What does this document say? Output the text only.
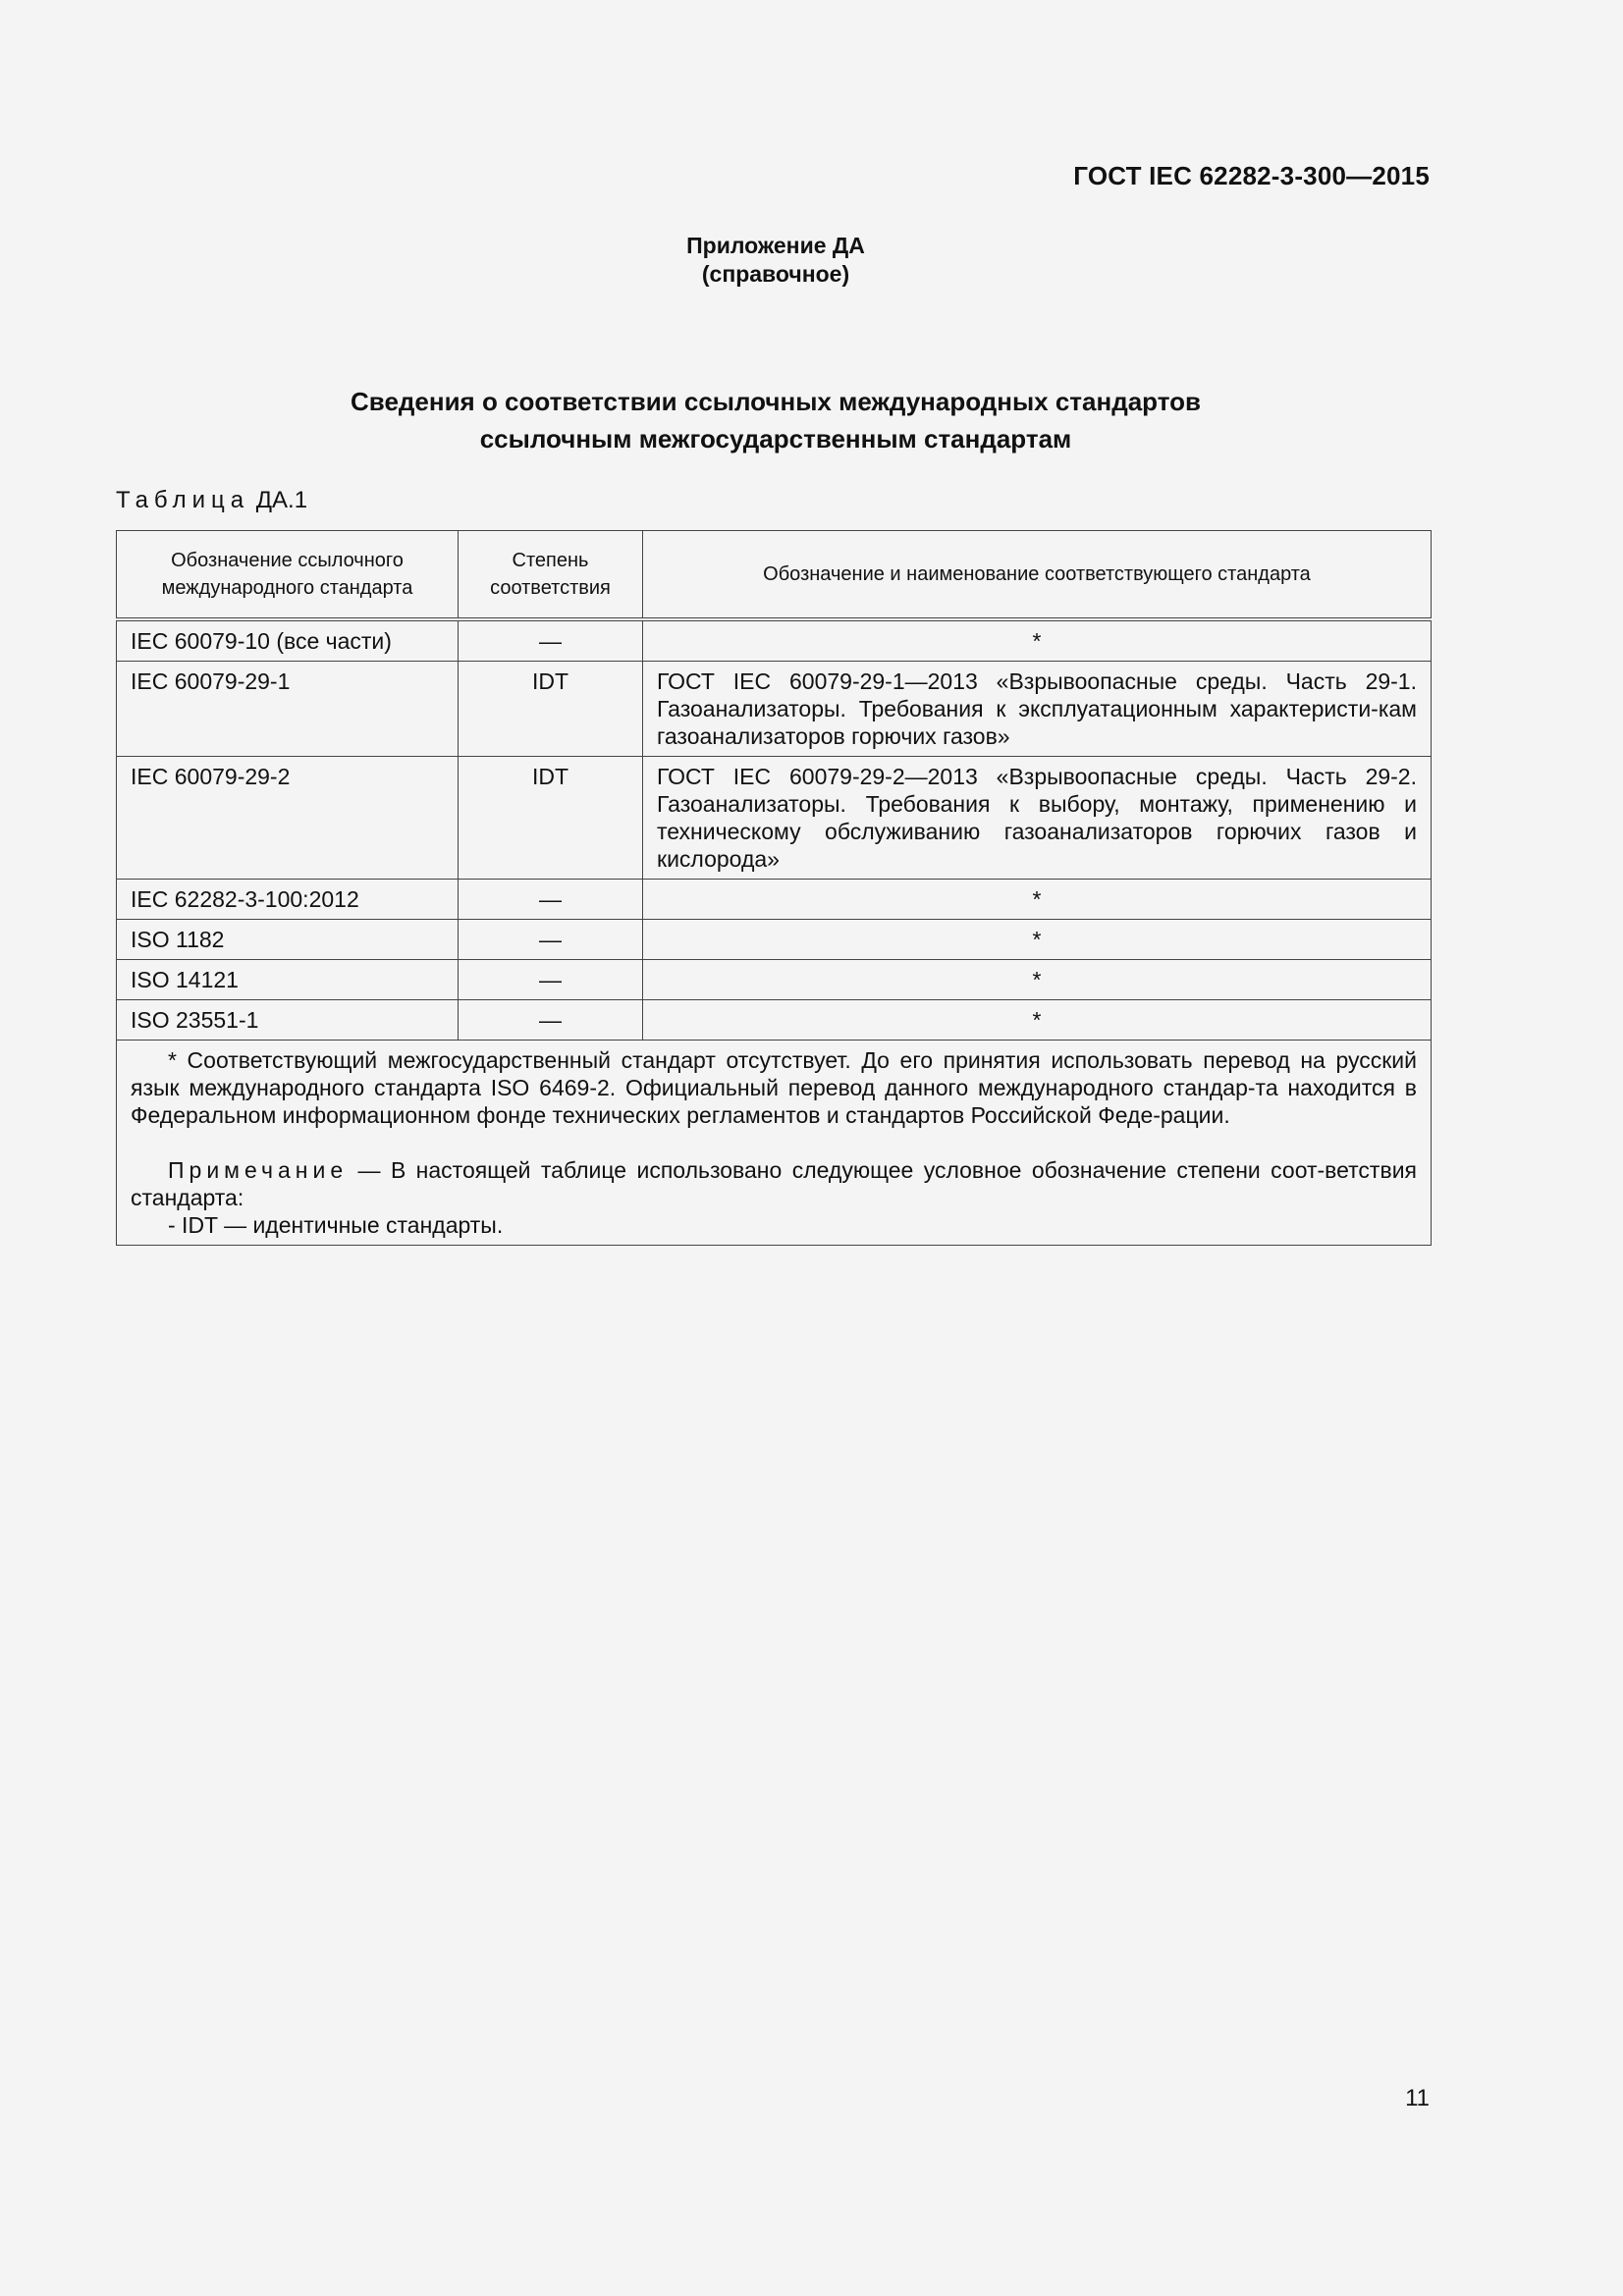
ГОСТ IEC 62282-3-300—2015
Приложение ДА
(справочное)
Сведения о соответствии ссылочных международных стандартов
ссылочным межгосударственным стандартам
Таблица ДА.1
Обозначение ссылочного международного стандарта	Степень соответствия	Обозначение и наименование соответствующего стандарта
IEC 60079-10 (все части)	—	*
IEC 60079-29-1	IDT	ГОСТ IEC 60079-29-1—2013 «Взрывоопасные среды. Часть 29-1. Газоанализаторы. Требования к эксплуатационным характеристи-кам газоанализаторов горючих газов»
IEC 60079-29-2	IDT	ГОСТ IEC 60079-29-2—2013 «Взрывоопасные среды. Часть 29-2. Газоанализаторы. Требования к выбору, монтажу, применению и техническому обслуживанию газоанализаторов горючих газов и кислорода»
IEC 62282-3-100:2012	—	*
ISO 1182	—	*
ISO 14121	—	*
ISO 23551-1	—	*

* Соответствующий межгосударственный стандарт отсутствует. До его принятия использовать перевод на русский язык международного стандарта ISO 6469-2. Официальный перевод данного международного стандар-та находится в Федеральном информационном фонде технических регламентов и стандартов Российской Феде-рации.

Примечание — В настоящей таблице использовано следующее условное обозначение степени соот-ветствия стандарта:

- IDT — идентичные стандарты.		

11
